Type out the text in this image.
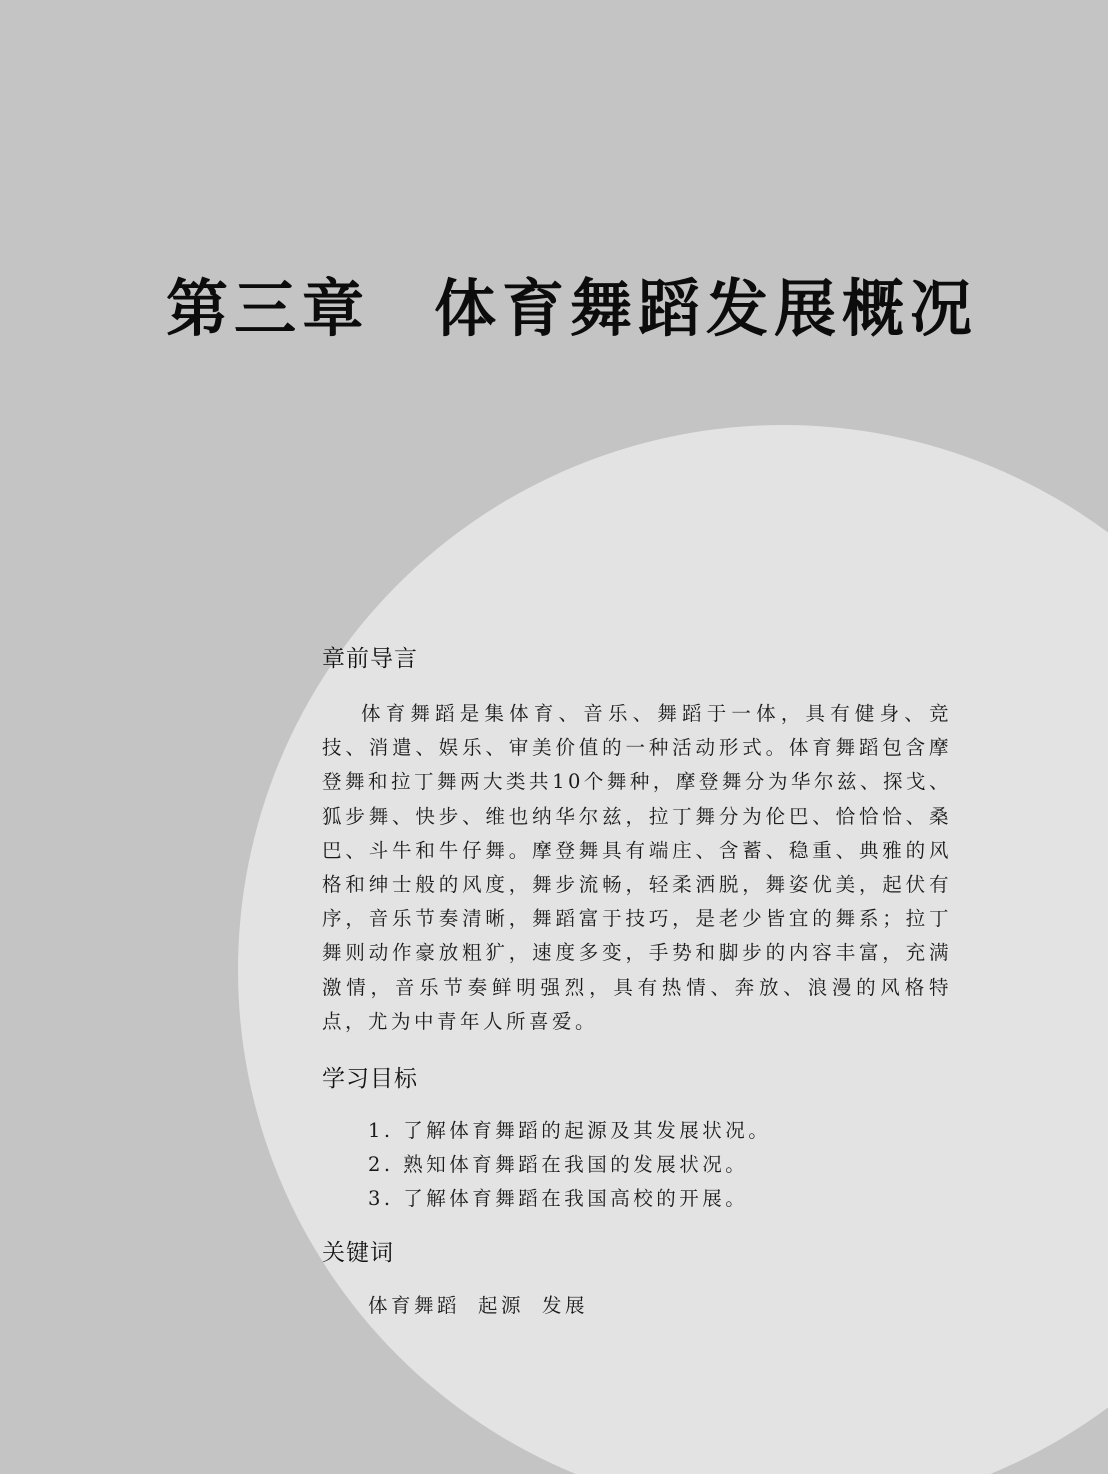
第三章 体育舞蹈发展概况
章前导言

体育舞蹈是集体育、音乐、舞蹈于一体，具有健身、竞技、消遣、娱乐、审美价值的一种活动形式。体育舞蹈包含摩登舞和拉丁舞两大类共10个舞种，摩登舞分为华尔兹、探戈、狐步舞、快步、维也纳华尔兹，拉丁舞分为伦巴、恰恰恰、桑巴、斗牛和牛仔舞。摩登舞具有端庄、含蓄、稳重、典雅的风格和绅士般的风度，舞步流畅，轻柔洒脱，舞姿优美，起伏有序，音乐节奏清晰，舞蹈富于技巧，是老少皆宜的舞系；拉丁舞则动作豪放粗犷，速度多变，手势和脚步的内容丰富，充满激情，音乐节奏鲜明强烈，具有热情、奔放、浪漫的风格特点，尤为中青年人所喜爱。

学习目标
1. 了解体育舞蹈的起源及其发展状况。
2. 熟知体育舞蹈在我国的发展状况。
3. 了解体育舞蹈在我国高校的开展。
关键词
体育舞蹈 起源 发展
